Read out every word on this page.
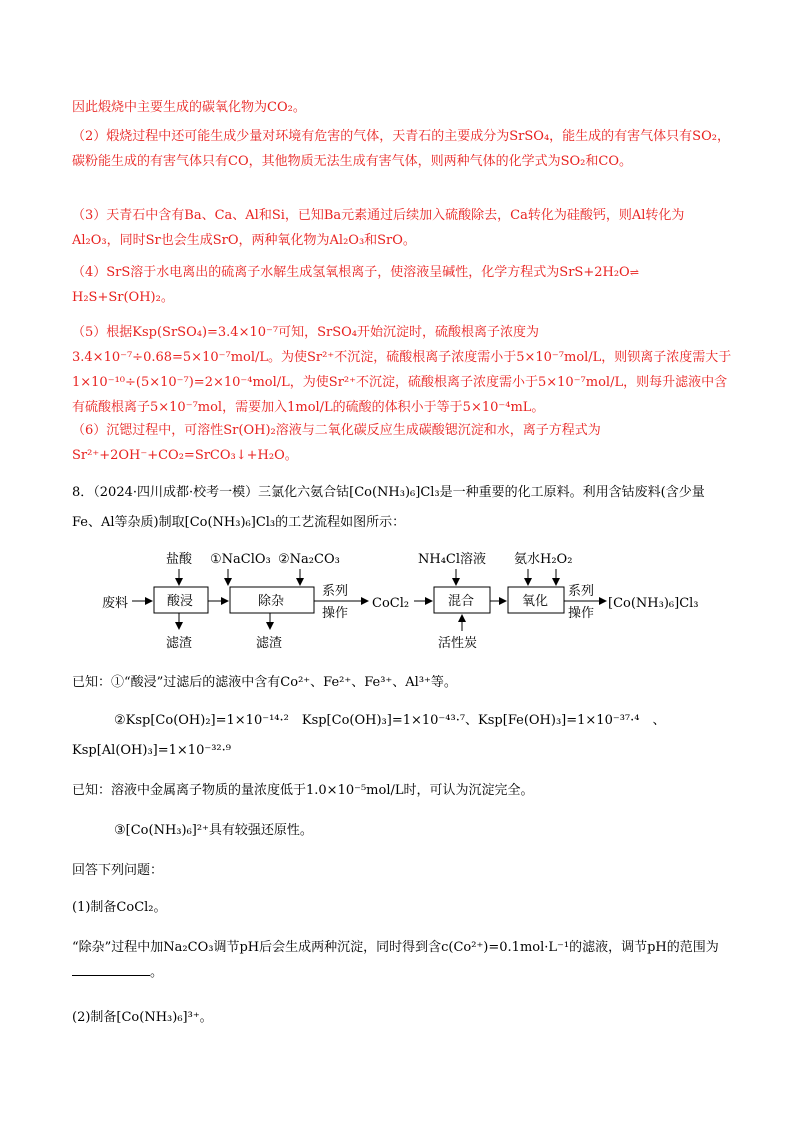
因此煅烧中主要生成的碳氧化物为CO₂。

（2）煅烧过程中还可能生成少量对环境有危害的气体，天青石的主要成分为SrSO₄，能生成的有害气体只有SO₂，碳粉能生成的有害气体只有CO，其他物质无法生成有害气体，则两种气体的化学式为SO₂和CO。

（3）天青石中含有Ba、Ca、Al和Si，已知Ba元素通过后续加入硫酸除去，Ca转化为硅酸钙，则Al转化为Al₂O₃，同时Sr也会生成SrO，两种氧化物为Al₂O₃和SrO。

（4）SrS溶于水电离出的硫离子水解生成氢氧根离子，使溶液呈碱性，化学方程式为SrS+2H₂O⇌
H₂S+Sr(OH)₂。

（5）根据Ksp(SrSO₄)=3.4×10⁻⁷可知，SrSO₄开始沉淀时，硫酸根离子浓度为3.4×10⁻⁷÷0.68=5×10⁻⁷mol/L。为使Sr²⁺不沉淀，硫酸根离子浓度需小于5×10⁻⁷mol/L，则钡离子浓度需大于1×10⁻¹⁰÷(5×10⁻⁷)=2×10⁻⁴mol/L，为使Sr²⁺不沉淀，硫酸根离子浓度需小于5×10⁻⁷mol/L，则每升滤液中含有硫酸根离子5×10⁻⁷mol，需要加入1mol/L的硫酸的体积小于等于5×10⁻⁴mL。

（6）沉锶过程中，可溶性Sr(OH)₂溶液与二氧化碳反应生成碳酸锶沉淀和水，离子方程式为Sr²⁺+2OH⁻+CO₂=SrCO₃↓+H₂O。

8．（2024·四川成都·校考一模）三氯化六氨合钴[Co(NH₃)₆]Cl₃是一种重要的化工原料。利用含钴废料(含少量Fe、Al等杂质)制取[Co(NH₃)₆]Cl₃的工艺流程如图所示：

盐酸 ①NaClO₃ ②Na₂CO₃	NH₄Cl溶液 氨水 H₂O₂
废料	酸浸
滤渣
除杂
滤渣
系列
操作
CoCl₂	混合
活性炭
氧化
系列
操作
[Co(NH₃)₆]Cl₃

已知：①“酸浸”过滤后的滤液中含有Co²⁺、Fe²⁺、Fe³⁺、Al³⁺等。

②Ksp[Co(OH)₂]=1×10⁻¹⁴·²　Ksp[Co(OH)₃]=1×10⁻⁴³·⁷、Ksp[Fe(OH)₃]=1×10⁻³⁷·⁴　、

Ksp[Al(OH)₃]=1×10⁻³²·⁹

已知：溶液中金属离子物质的量浓度低于1.0×10⁻⁵mol/L时，可认为沉淀完全。

③[Co(NH₃)₆]²⁺具有较强还原性。

回答下列问题：

(1)制备CoCl₂。

“除杂”过程中加Na₂CO₃调节pH后会生成两种沉淀，同时得到含c(Co²⁺)=0.1mol·L⁻¹的滤液，调节pH的范围为。

(2)制备[Co(NH₃)₆]³⁺。
